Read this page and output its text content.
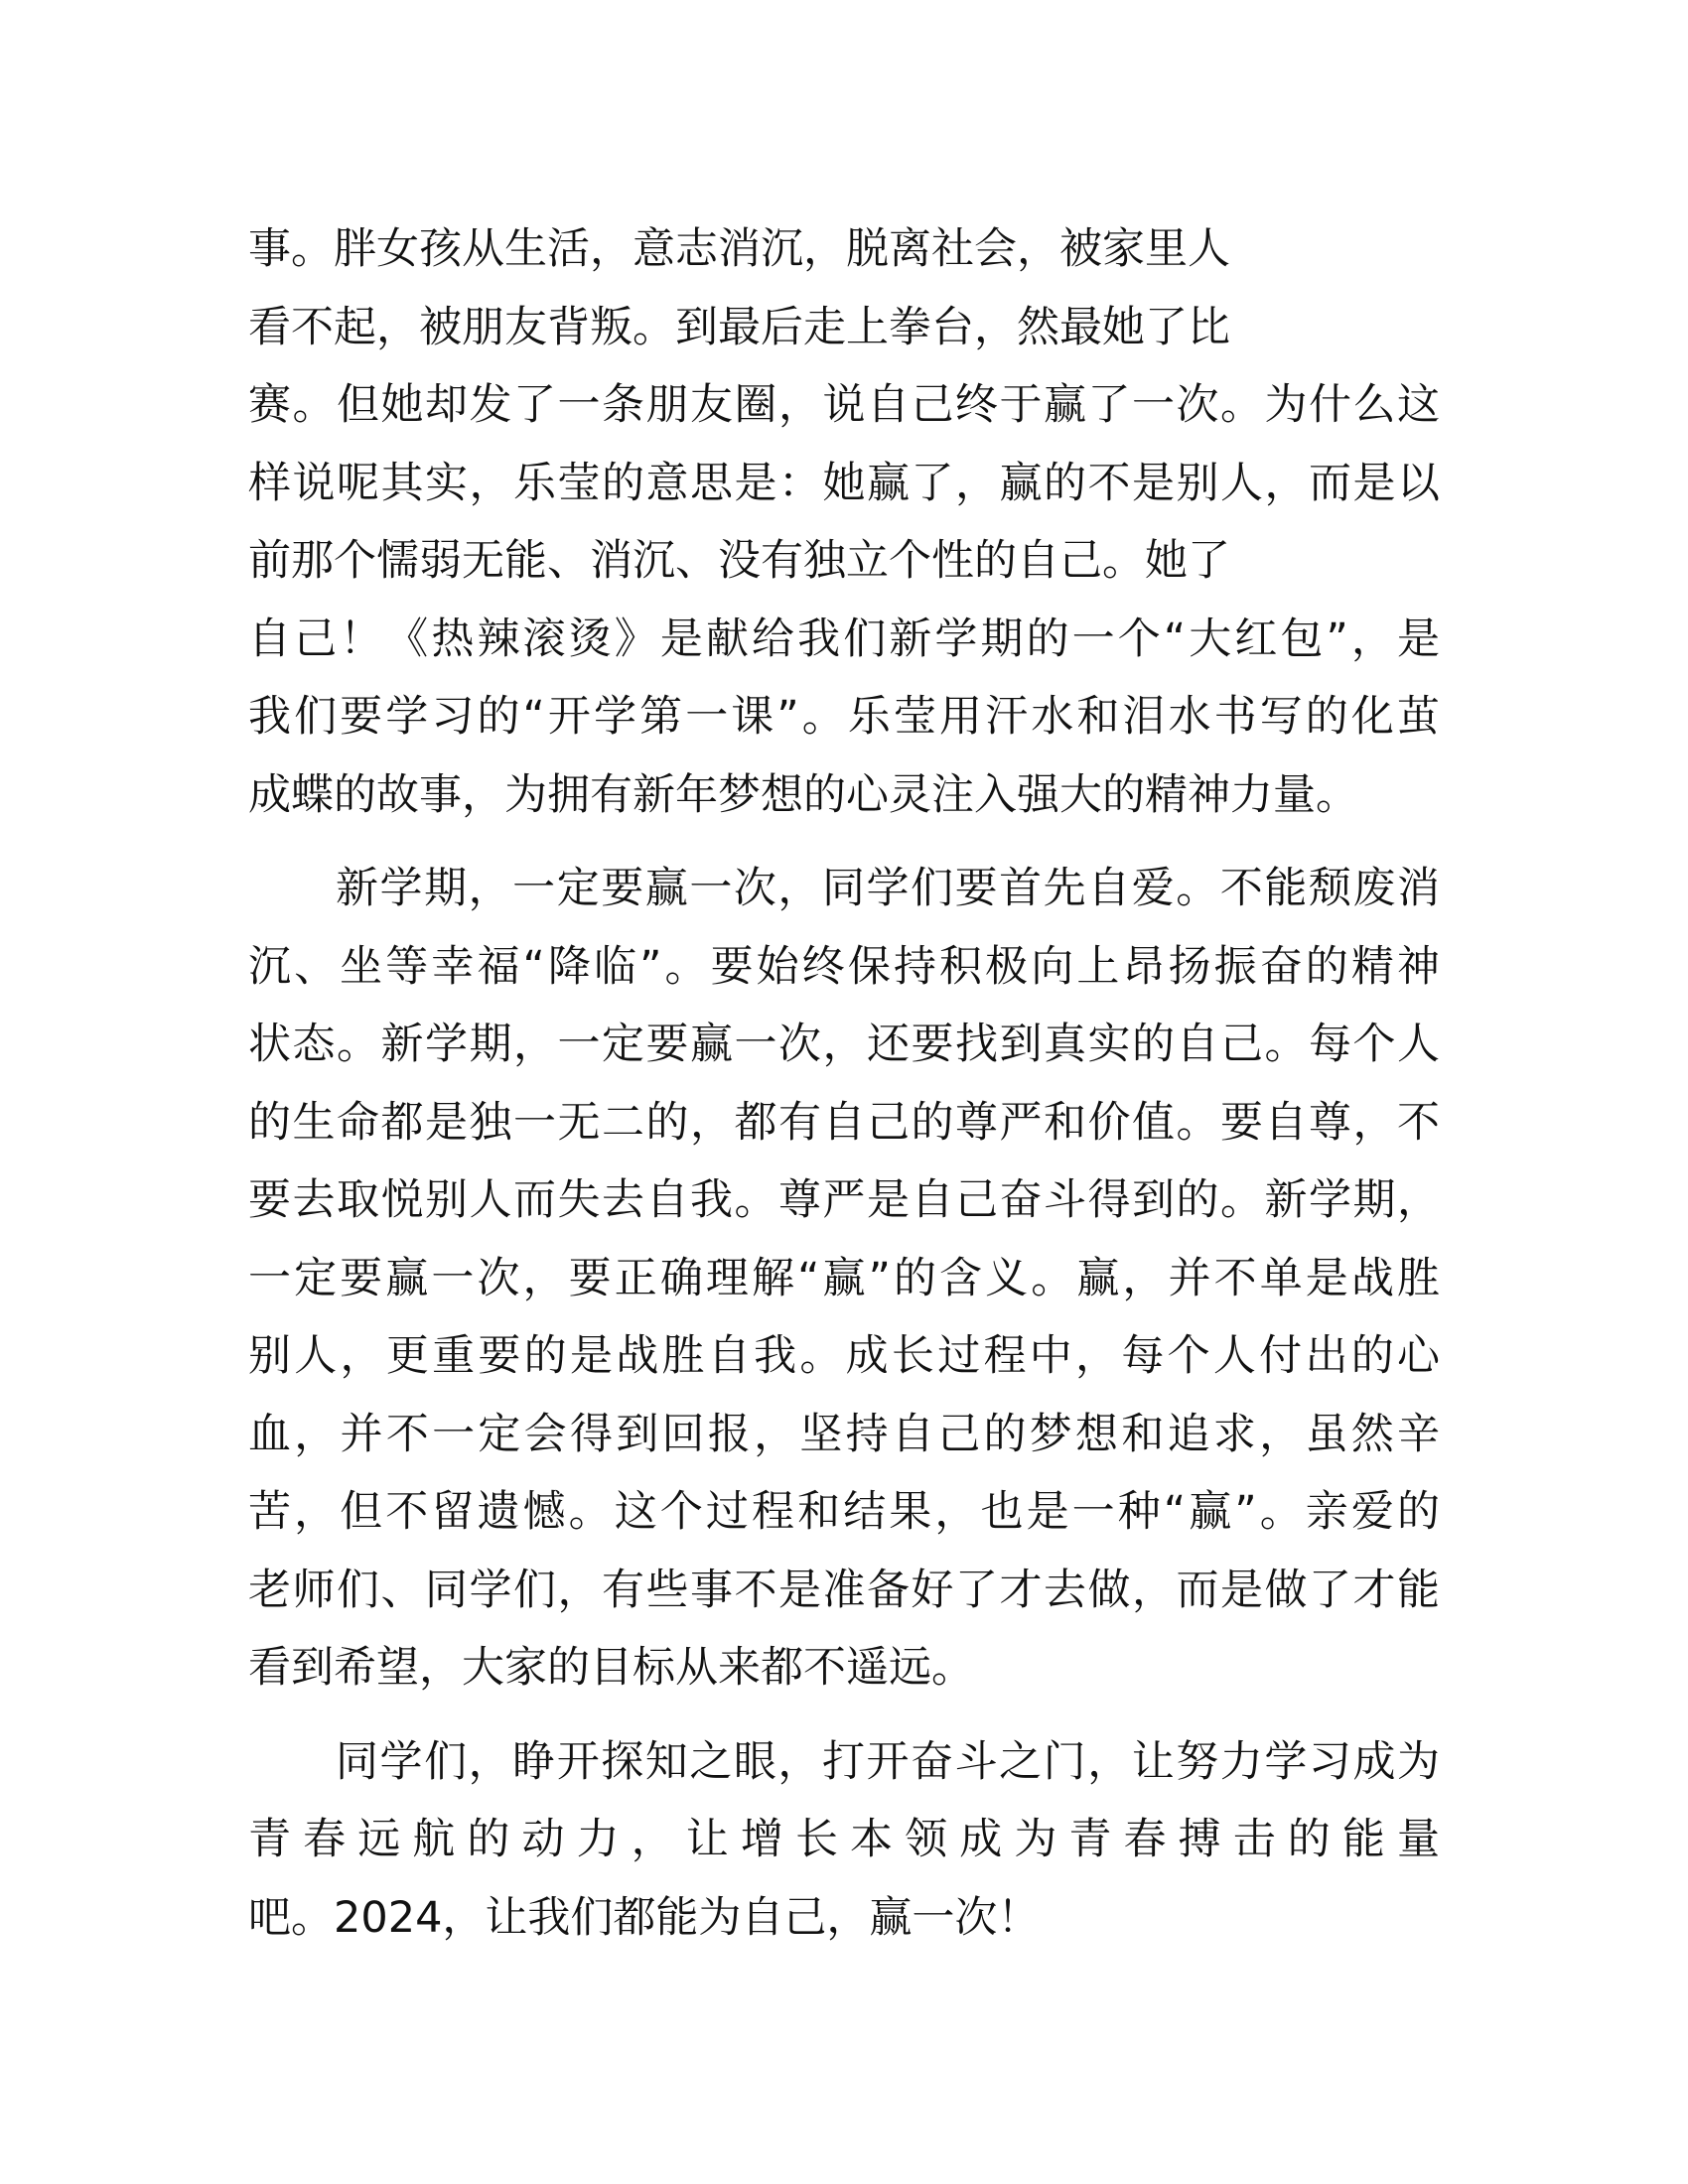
事。胖女孩从生活，意志消沉，脱离社会，被家里人
看不起，被朋友背叛。到最后走上拳台，然最她了比
赛。但她却发了一条朋友圈，说自己终于赢了一次。为什么这
样说呢其实，乐莹的意思是：她赢了，赢的不是别人，而是以
前那个懦弱无能、消沉、没有独立个性的自己。她了
自己！《热辣滚烫》是献给我们新学期的一个“大红包”，是
我们要学习的“开学第一课”。乐莹用汗水和泪水书写的化茧
成蝶的故事，为拥有新年梦想的心灵注入强大的精神力量。
新学期，一定要赢一次，同学们要首先自爱。不能颓废消
沉、坐等幸福“降临”。要始终保持积极向上昂扬振奋的精神
状态。新学期，一定要赢一次，还要找到真实的自己。每个人
的生命都是独一无二的，都有自己的尊严和价值。要自尊，不
要去取悦别人而失去自我。尊严是自己奋斗得到的。新学期，
一定要赢一次，要正确理解“赢”的含义。赢，并不单是战胜
别人，更重要的是战胜自我。成长过程中，每个人付出的心
血，并不一定会得到回报，坚持自己的梦想和追求，虽然辛
苦，但不留遗憾。这个过程和结果，也是一种“赢”。亲爱的
老师们、同学们，有些事不是准备好了才去做，而是做了才能
看到希望，大家的目标从来都不遥远。
同学们，睁开探知之眼，打开奋斗之门，让努力学习成为
青春远航的动力，让增长本领成为青春搏击的能量
吧。2024，让我们都能为自己，赢一次！
